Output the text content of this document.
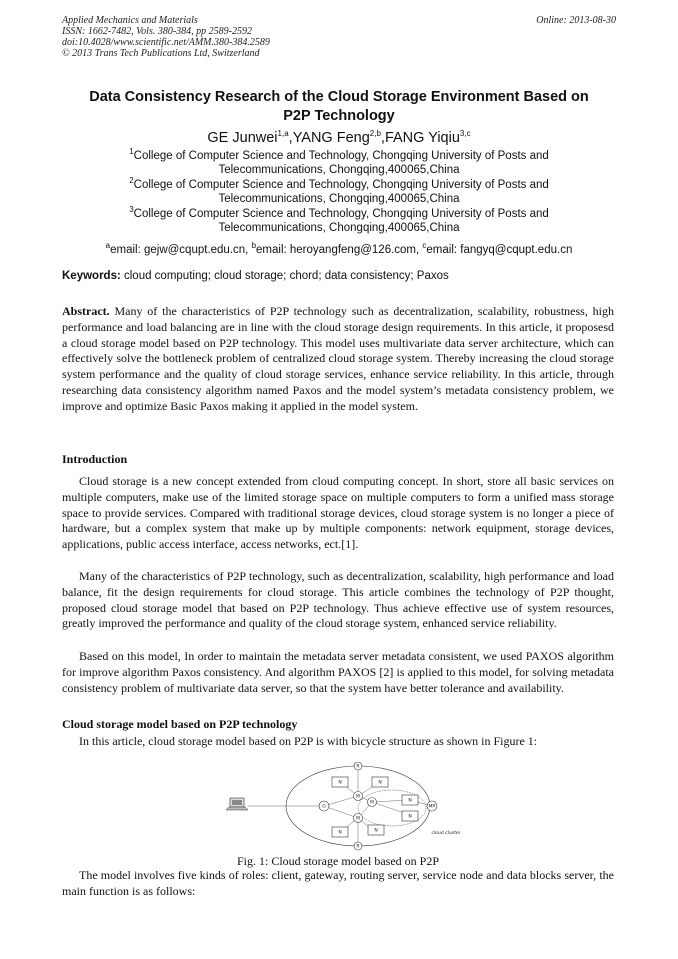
Applied Mechanics and Materials
ISSN: 1662-7482, Vols. 380-384, pp 2589-2592
doi:10.4028/www.scientific.net/AMM.380-384.2589
© 2013 Trans Tech Publications Ltd, Switzerland
Online: 2013-08-30
Data Consistency Research of the Cloud Storage Environment Based on
P2P Technology
GE Junwei$^{1,a}$,YANG Feng$^{2,b}$,FANG Yiqiu$^{3,c}$
$^1$College of Computer Science and Technology, Chongqing University of Posts and
Telecommunications, Chongqing,400065,China
$^2$College of Computer Science and Technology, Chongqing University of Posts and
Telecommunications, Chongqing,400065,China
$^3$College of Computer Science and Technology, Chongqing University of Posts and
Telecommunications, Chongqing,400065,China
$^a$email: gejw@cqupt.edu.cn, $^b$email: heroyangfeng@126.com, $^c$email: fangyq@cqupt.edu.cn
Keywords: cloud computing; cloud storage; chord; data consistency; Paxos
Abstract. Many of the characteristics of P2P technology such as decentralization, scalability, robustness, high performance and load balancing are in line with the cloud storage design requirements. In this article, it proposesd a cloud storage model based on P2P technology. This model uses multivariate data server architecture, which can effectively solve the bottleneck problem of centralized cloud storage system. Thereby increasing the cloud storage system performance and the quality of cloud storage services, enhance service reliability. In this article, through researching data consistency algorithm named Paxos and the model system’s metadata consistency problem, we improve and optimize Basic Paxos making it applied in the model system.
Introduction
Cloud storage is a new concept extended from cloud computing concept. In short, store all basic services on multiple computers, make use of the limited storage space on multiple computers to form a unified mass storage space to provide services. Compared with traditional storage devices, cloud storage system is no longer a piece of hardware, but a complex system that make up by multiple components: network equipment, storage devices, applications, public access interface, access networks, ect.[1].
Many of the characteristics of P2P technology, such as decentralization, scalability, high performance and load balance, fit the design requirements for cloud storage. This article combines the technology of P2P thought, proposed cloud storage model that based on P2P technology. Thus achieve effective use of system resources, greatly improved the performance and quality of the cloud storage system, enhanced service reliability.
Based on this model, In order to maintain the metadata server metadata consistent, we used PAXOS algorithm for improve algorithm Paxos consistency. And algorithm PAXOS [2] is applied to this model, for solving metadata consistency problem of multivariate data server, so that the system have better tolerance and availability.
Cloud storage model based on P2P technology
In this article, cloud storage model based on P2P is with bicycle structure as shown in Figure 1:
G
R
R
M
M
M
MR
N	N
N	N
N
N
cloud cluster
Fig. 1: Cloud storage model based on P2P
The model involves five kinds of roles: client, gateway, routing server, service node and data blocks server, the main function is as follows:
